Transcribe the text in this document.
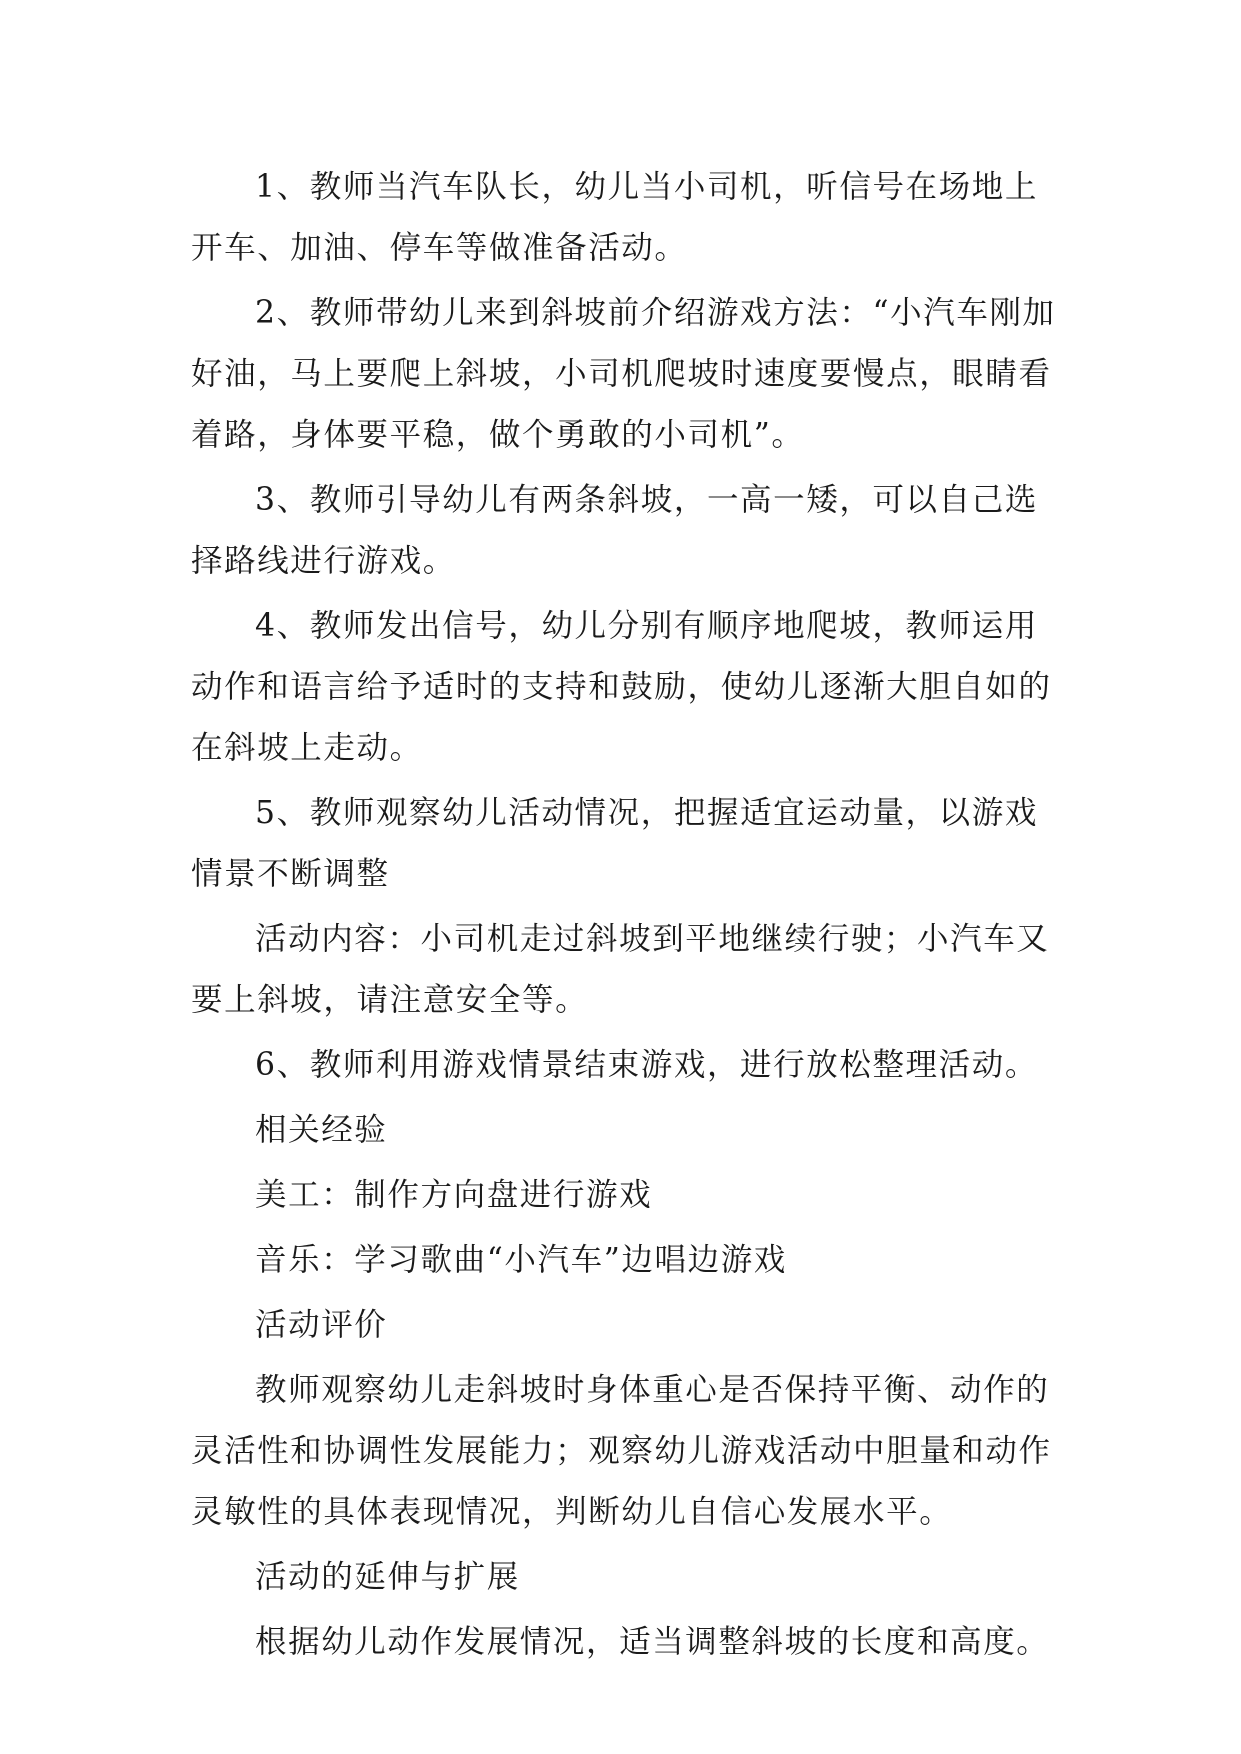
1、教师当汽车队长，幼儿当小司机，听信号在场地上
开车、加油、停车等做准备活动。

2、教师带幼儿来到斜坡前介绍游戏方法：“小汽车刚加
好油，马上要爬上斜坡，小司机爬坡时速度要慢点，眼睛看
着路，身体要平稳，做个勇敢的小司机”。

3、教师引导幼儿有两条斜坡，一高一矮，可以自己选
择路线进行游戏。

4、教师发出信号，幼儿分别有顺序地爬坡，教师运用
动作和语言给予适时的支持和鼓励，使幼儿逐渐大胆自如的
在斜坡上走动。

5、教师观察幼儿活动情况，把握适宜运动量，以游戏
情景不断调整

活动内容：小司机走过斜坡到平地继续行驶；小汽车又
要上斜坡，请注意安全等。

6、教师利用游戏情景结束游戏，进行放松整理活动。

相关经验

美工：制作方向盘进行游戏

音乐：学习歌曲“小汽车”边唱边游戏

活动评价

教师观察幼儿走斜坡时身体重心是否保持平衡、动作的
灵活性和协调性发展能力；观察幼儿游戏活动中胆量和动作
灵敏性的具体表现情况，判断幼儿自信心发展水平。

活动的延伸与扩展

根据幼儿动作发展情况，适当调整斜坡的长度和高度。
